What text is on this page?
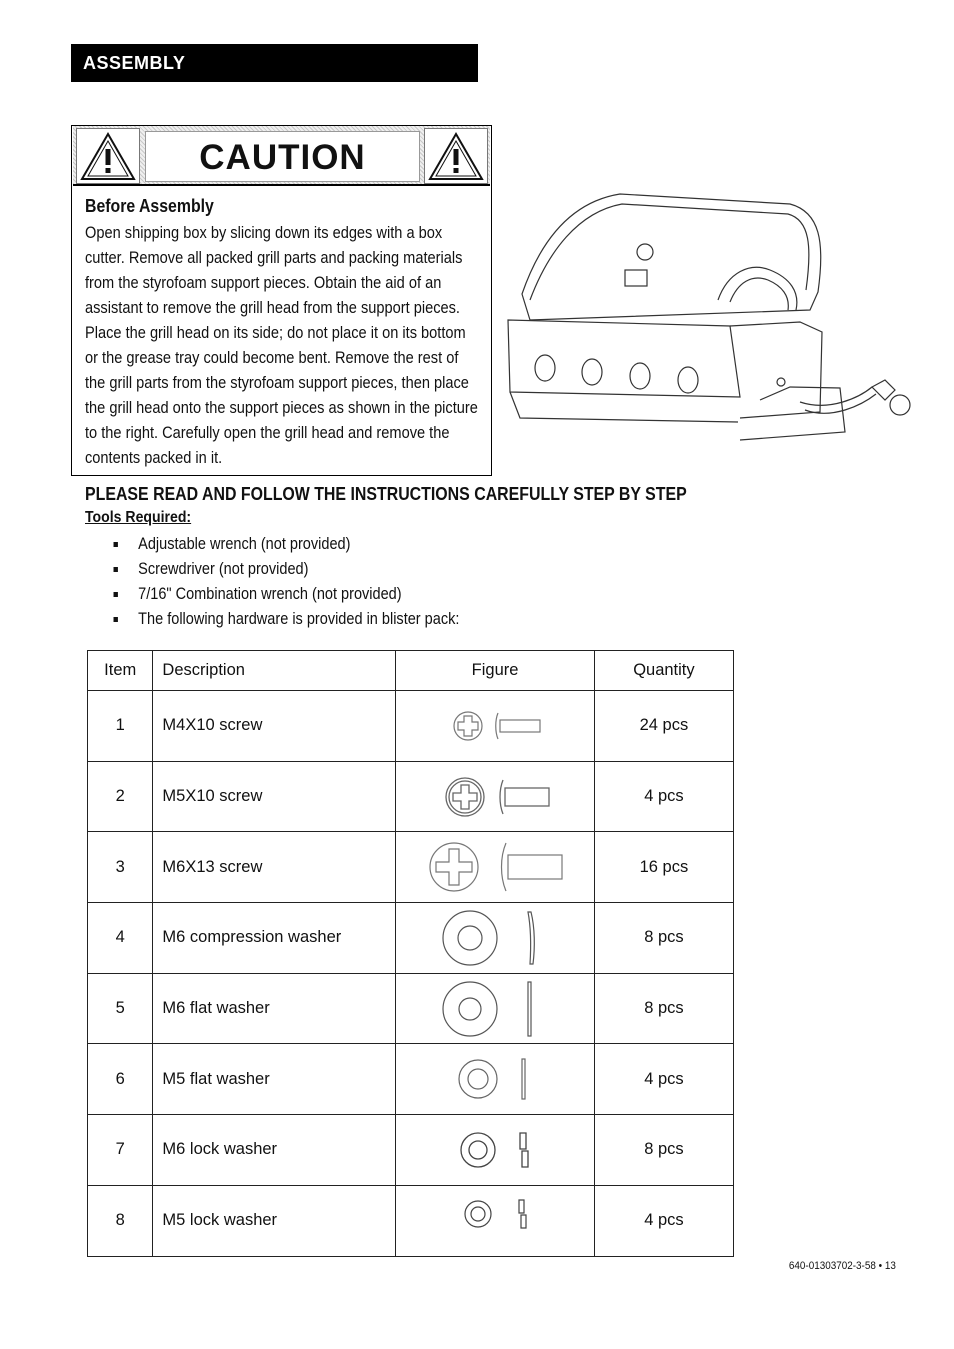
ASSEMBLY
CAUTION
Before Assembly
Open shipping box by slicing down its edges with a box cutter. Remove all packed grill parts and packing materials from the styrofoam support pieces. Obtain the aid of an assistant to remove the grill head from the support pieces. Place the grill head on its side; do not place it on its bottom or the grease tray could become bent. Remove the rest of the grill parts from the styrofoam support pieces, then place the grill head onto the support pieces as shown in the picture to the right. Carefully open the grill head and remove the contents packed in it.
PLEASE READ AND FOLLOW THE INSTRUCTIONS CAREFULLY STEP BY STEP
Tools Required:
Adjustable wrench (not provided)
Screwdriver (not provided)
7/16" Combination wrench (not provided)
The following hardware is provided in blister pack:
Item	Description	Figure	Quantity
1	M4X10 screw		24 pcs
2	M5X10 screw		4 pcs
3	M6X13 screw		16 pcs
4	M6 compression washer		8 pcs
5	M6 flat washer		8 pcs
6	M5 flat washer		4 pcs
7	M6 lock washer		8 pcs
8	M5 lock washer		4 pcs
640-01303702-3-58 • 13
